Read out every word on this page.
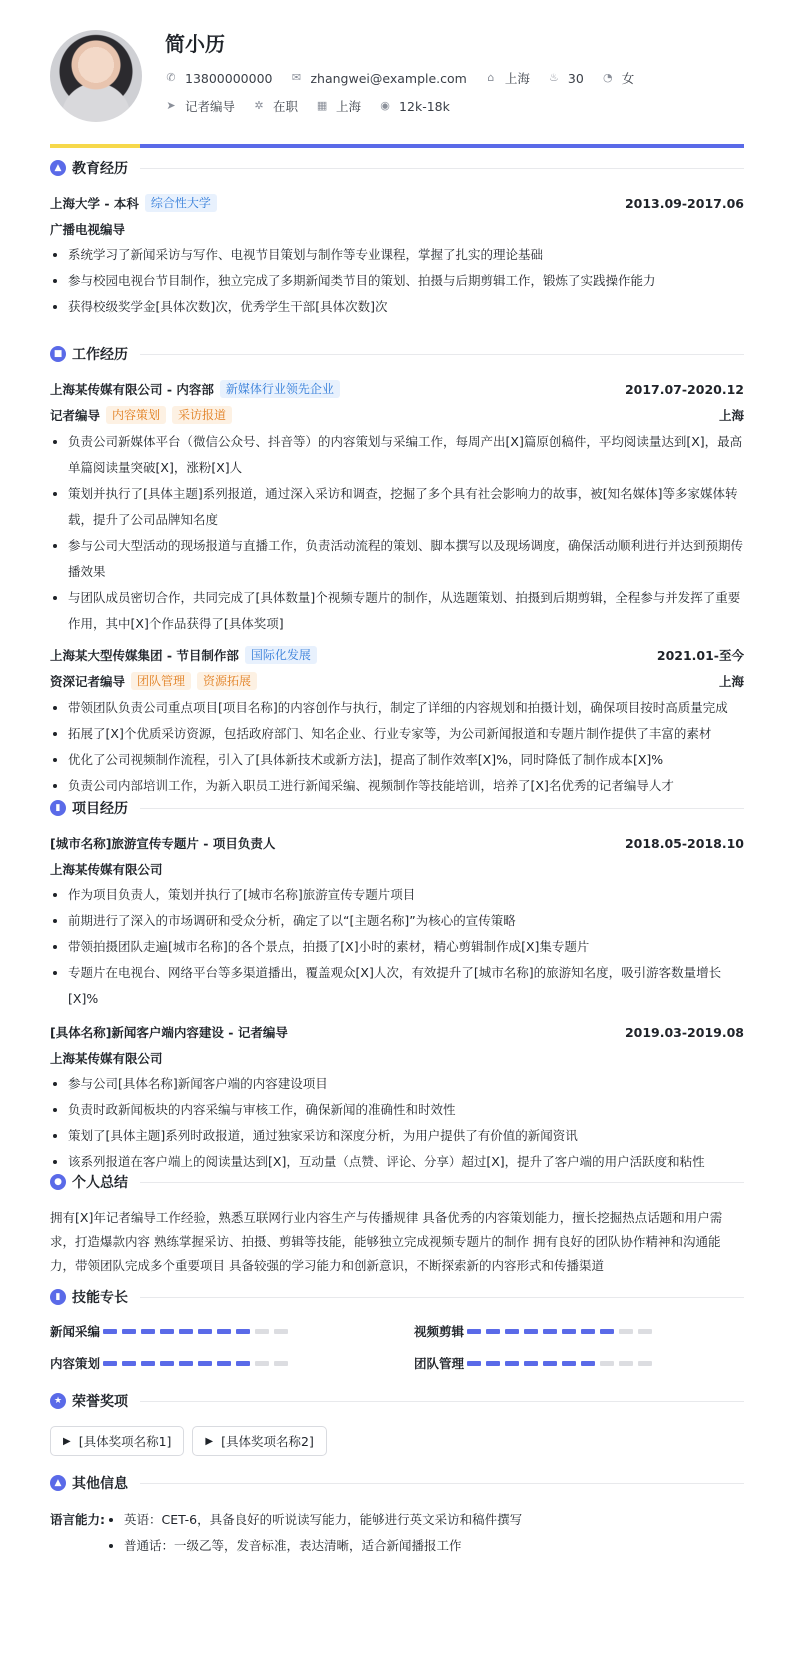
简小历
✆ 13800000000 ✉ zhangwei@example.com ⌂ 上海 ♨ 30 ◔ 女
➤ 记者编导 ✲ 在职 ▦ 上海 ◉ 12k-18k
▲ 教育经历
上海大学 - 本科	综合性大学	2013.09-2017.06
广播电视编导
系统学习了新闻采访与写作、电视节目策划与制作等专业课程，掌握了扎实的理论基础
参与校园电视台节目制作，独立完成了多期新闻类节目的策划、拍摄与后期剪辑工作，锻炼了实践操作能力
获得校级奖学金[具体次数]次，优秀学生干部[具体次数]次
■ 工作经历
上海某传媒有限公司 - 内容部	新媒体行业领先企业	2017.07-2020.12
记者编导	内容策划	采访报道	上海
负责公司新媒体平台（微信公众号、抖音等）的内容策划与采编工作，每周产出[X]篇原创稿件，平均阅读量达到[X]，最高单篇阅读量突破[X]，涨粉[X]人
策划并执行了[具体主题]系列报道，通过深入采访和调查，挖掘了多个具有社会影响力的故事，被[知名媒体]等多家媒体转载，提升了公司品牌知名度
参与公司大型活动的现场报道与直播工作，负责活动流程的策划、脚本撰写以及现场调度，确保活动顺利进行并达到预期传播效果
与团队成员密切合作，共同完成了[具体数量]个视频专题片的制作，从选题策划、拍摄到后期剪辑，全程参与并发挥了重要作用，其中[X]个作品获得了[具体奖项]
上海某大型传媒集团 - 节目制作部	国际化发展	2021.01-至今
资深记者编导	团队管理	资源拓展	上海
带领团队负责公司重点项目[项目名称]的内容创作与执行，制定了详细的内容规划和拍摄计划，确保项目按时高质量完成
拓展了[X]个优质采访资源，包括政府部门、知名企业、行业专家等，为公司新闻报道和专题片制作提供了丰富的素材
优化了公司视频制作流程，引入了[具体新技术或新方法]，提高了制作效率[X]%，同时降低了制作成本[X]%
负责公司内部培训工作，为新入职员工进行新闻采编、视频制作等技能培训，培养了[X]名优秀的记者编导人才
▮ 项目经历
[城市名称]旅游宣传专题片 - 项目负责人	2018.05-2018.10
上海某传媒有限公司
作为项目负责人，策划并执行了[城市名称]旅游宣传专题片项目
前期进行了深入的市场调研和受众分析，确定了以“[主题名称]”为核心的宣传策略
带领拍摄团队走遍[城市名称]的各个景点，拍摄了[X]小时的素材，精心剪辑制作成[X]集专题片
专题片在电视台、网络平台等多渠道播出，覆盖观众[X]人次，有效提升了[城市名称]的旅游知名度，吸引游客数量增长[X]%
[具体名称]新闻客户端内容建设 - 记者编导	2019.03-2019.08
上海某传媒有限公司
参与公司[具体名称]新闻客户端的内容建设项目
负责时政新闻板块的内容采编与审核工作，确保新闻的准确性和时效性
策划了[具体主题]系列时政报道，通过独家采访和深度分析，为用户提供了有价值的新闻资讯
该系列报道在客户端上的阅读量达到[X]，互动量（点赞、评论、分享）超过[X]，提升了客户端的用户活跃度和粘性
● 个人总结
拥有[X]年记者编导工作经验，熟悉互联网行业内容生产与传播规律 具备优秀的内容策划能力，擅长挖掘热点话题和用户需求，打造爆款内容 熟练掌握采访、拍摄、剪辑等技能，能够独立完成视频专题片的制作 拥有良好的团队协作精神和沟通能力，带领团队完成多个重要项目 具备较强的学习能力和创新意识，不断探索新的内容形式和传播渠道
▮ 技能专长
新闻采编	视频剪辑
内容策划	团队管理
★ 荣誉奖项
▶ [具体奖项名称1]	▶ [具体奖项名称2]
▲ 其他信息
语言能力:	英语：CET-6，具备良好的听说读写能力，能够进行英文采访和稿件撰写
普通话：一级乙等，发音标准，表达清晰，适合新闻播报工作
